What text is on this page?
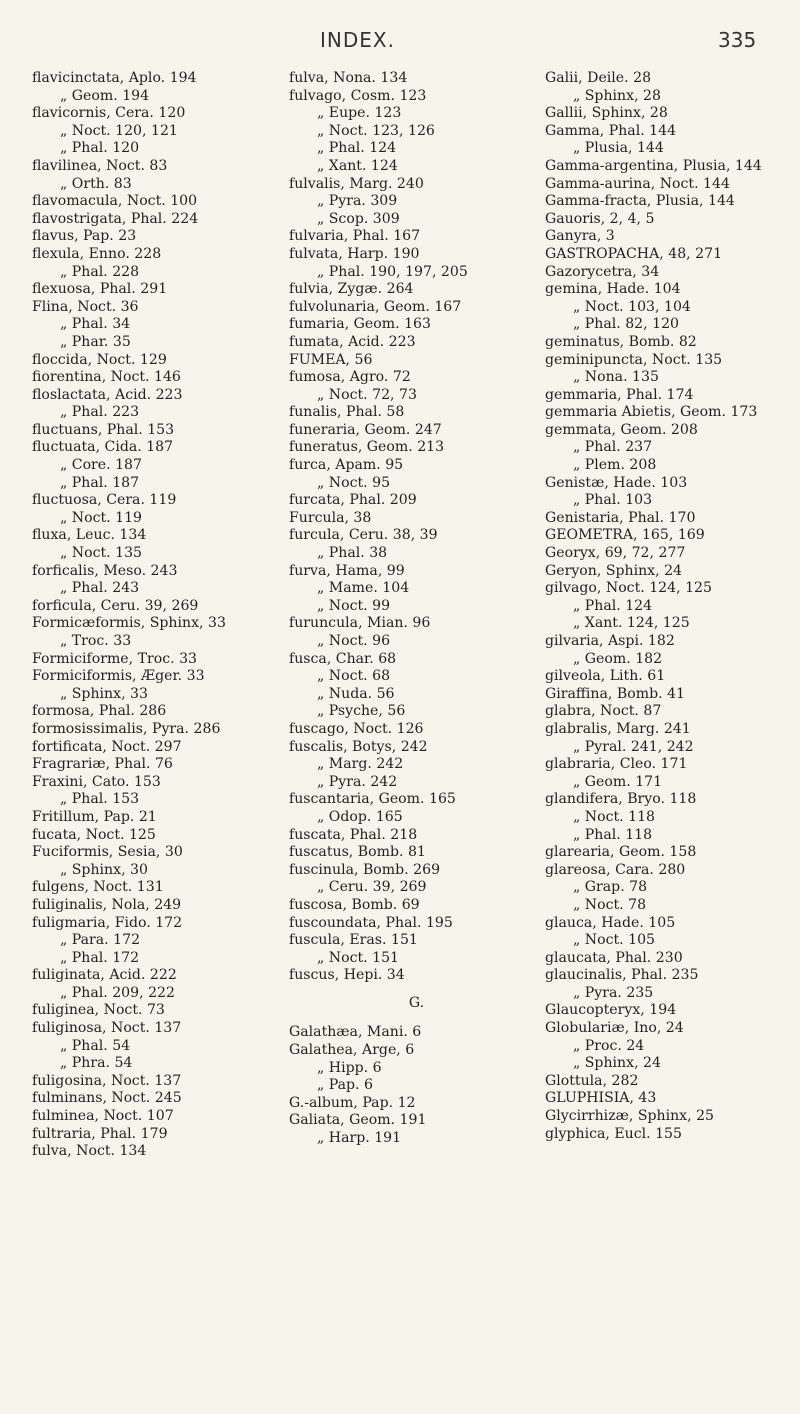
INDEX.	335
flavicinctata, Aplo. 194
„ Geom. 194
flavicornis, Cera. 120
„ Noct. 120, 121
„ Phal. 120
flavilinea, Noct. 83
„ Orth. 83
flavomacula, Noct. 100
flavostrigata, Phal. 224
flavus, Pap. 23
flexula, Enno. 228
„ Phal. 228
flexuosa, Phal. 291
Flina, Noct. 36
„ Phal. 34
„ Phar. 35
floccida, Noct. 129
fiorentina, Noct. 146
floslactata, Acid. 223
„ Phal. 223
fluctuans, Phal. 153
fluctuata, Cida. 187
„ Core. 187
„ Phal. 187
fluctuosa, Cera. 119
„ Noct. 119
fluxa, Leuc. 134
„ Noct. 135
forficalis, Meso. 243
„ Phal. 243
forficula, Ceru. 39, 269
Formicæformis, Sphinx, 33
„ Troc. 33
Formiciforme, Troc. 33
Formiciformis, Æger. 33
„ Sphinx, 33
formosa, Phal. 286
formosissimalis, Pyra. 286
fortificata, Noct. 297
Fragrariæ, Phal. 76
Fraxini, Cato. 153
„ Phal. 153
Fritillum, Pap. 21
fucata, Noct. 125
Fuciformis, Sesia, 30
„ Sphinx, 30
fulgens, Noct. 131
fuliginalis, Nola, 249
fuligmaria, Fido. 172
„ Para. 172
„ Phal. 172
fuliginata, Acid. 222
„ Phal. 209, 222
fuliginea, Noct. 73
fuliginosa, Noct. 137
„ Phal. 54
„ Phra. 54
fuligosina, Noct. 137
fulminans, Noct. 245
fulminea, Noct. 107
fultraria, Phal. 179
fulva, Noct. 134
fulva, Nona. 134
fulvago, Cosm. 123
„ Eupe. 123
„ Noct. 123, 126
„ Phal. 124
„ Xant. 124
fulvalis, Marg. 240
„ Pyra. 309
„ Scop. 309
fulvaria, Phal. 167
fulvata, Harp. 190
„ Phal. 190, 197, 205
fulvia, Zygæ. 264
fulvolunaria, Geom. 167
fumaria, Geom. 163
fumata, Acid. 223
FUMEA, 56
fumosa, Agro. 72
„ Noct. 72, 73
funalis, Phal. 58
funeraria, Geom. 247
funeratus, Geom. 213
furca, Apam. 95
„ Noct. 95
furcata, Phal. 209
Furcula, 38
furcula, Ceru. 38, 39
„ Phal. 38
furva, Hama, 99
„ Mame. 104
„ Noct. 99
furuncula, Mian. 96
„ Noct. 96
fusca, Char. 68
„ Noct. 68
„ Nuda. 56
„ Psyche, 56
fuscago, Noct. 126
fuscalis, Botys, 242
„ Marg. 242
„ Pyra. 242
fuscantaria, Geom. 165
„ Odop. 165
fuscata, Phal. 218
fuscatus, Bomb. 81
fuscinula, Bomb. 269
„ Ceru. 39, 269
fuscosa, Bomb. 69
fuscoundata, Phal. 195
fuscula, Eras. 151
„ Noct. 151
fuscus, Hepi. 34
G.
Galathæa, Mani. 6
Galathea, Arge, 6
„ Hipp. 6
„ Pap. 6
G.-album, Pap. 12
Galiata, Geom. 191
„ Harp. 191
Galii, Deile. 28
„ Sphinx, 28
Gallii, Sphinx, 28
Gamma, Phal. 144
„ Plusia, 144
Gamma-argentina, Plusia, 144
Gamma-aurina, Noct. 144
Gamma-fracta, Plusia, 144
Gauoris, 2, 4, 5
Ganyra, 3
GASTROPACHA, 48, 271
Gazorycetra, 34
gemina, Hade. 104
„ Noct. 103, 104
„ Phal. 82, 120
geminatus, Bomb. 82
geminipuncta, Noct. 135
„ Nona. 135
gemmaria, Phal. 174
gemmaria Abietis, Geom. 173
gemmata, Geom. 208
„ Phal. 237
„ Plem. 208
Genistæ, Hade. 103
„ Phal. 103
Genistaria, Phal. 170
GEOMETRA, 165, 169
Georyx, 69, 72, 277
Geryon, Sphinx, 24
gilvago, Noct. 124, 125
„ Phal. 124
„ Xant. 124, 125
gilvaria, Aspi. 182
„ Geom. 182
gilveola, Lith. 61
Giraffina, Bomb. 41
glabra, Noct. 87
glabralis, Marg. 241
„ Pyral. 241, 242
glabraria, Cleo. 171
„ Geom. 171
glandifera, Bryo. 118
„ Noct. 118
„ Phal. 118
glarearia, Geom. 158
glareosa, Cara. 280
„ Grap. 78
„ Noct. 78
glauca, Hade. 105
„ Noct. 105
glaucata, Phal. 230
glaucinalis, Phal. 235
„ Pyra. 235
Glaucopteryx, 194
Globulariæ, Ino, 24
„ Proc. 24
„ Sphinx, 24
Glottula, 282
GLUPHISIA, 43
Glycirrhizæ, Sphinx, 25
glyphica, Eucl. 155
